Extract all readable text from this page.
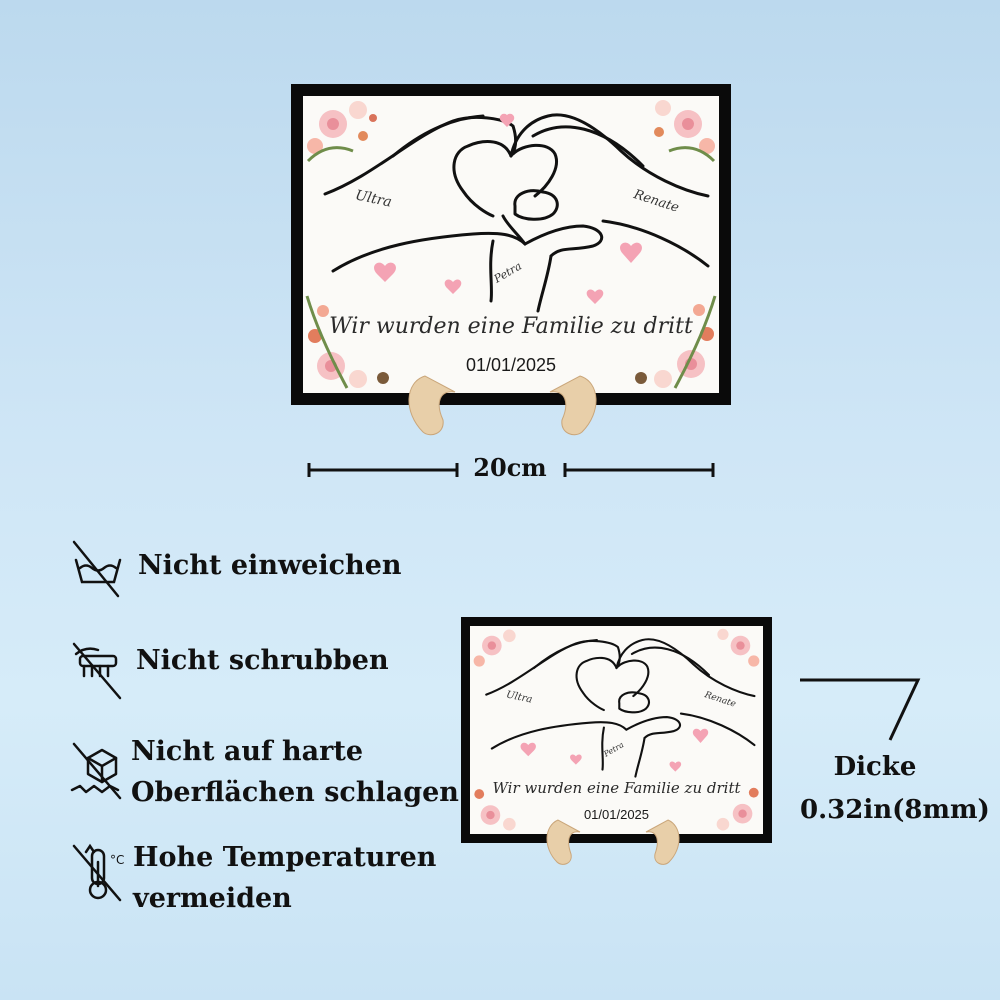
Ultra	Renate
Petra
Wir wurden eine Familie zu dritt
01/01/2025
20cm
Nicht einweichen
Nicht schrubben
Nicht auf harte
Oberflächen schlagen
°C Hohe Temperaturen
vermeiden
Ultra	Renate
Petra
Wir wurden eine Familie zu dritt
01/01/2025
Dicke
0.32in(8mm)
